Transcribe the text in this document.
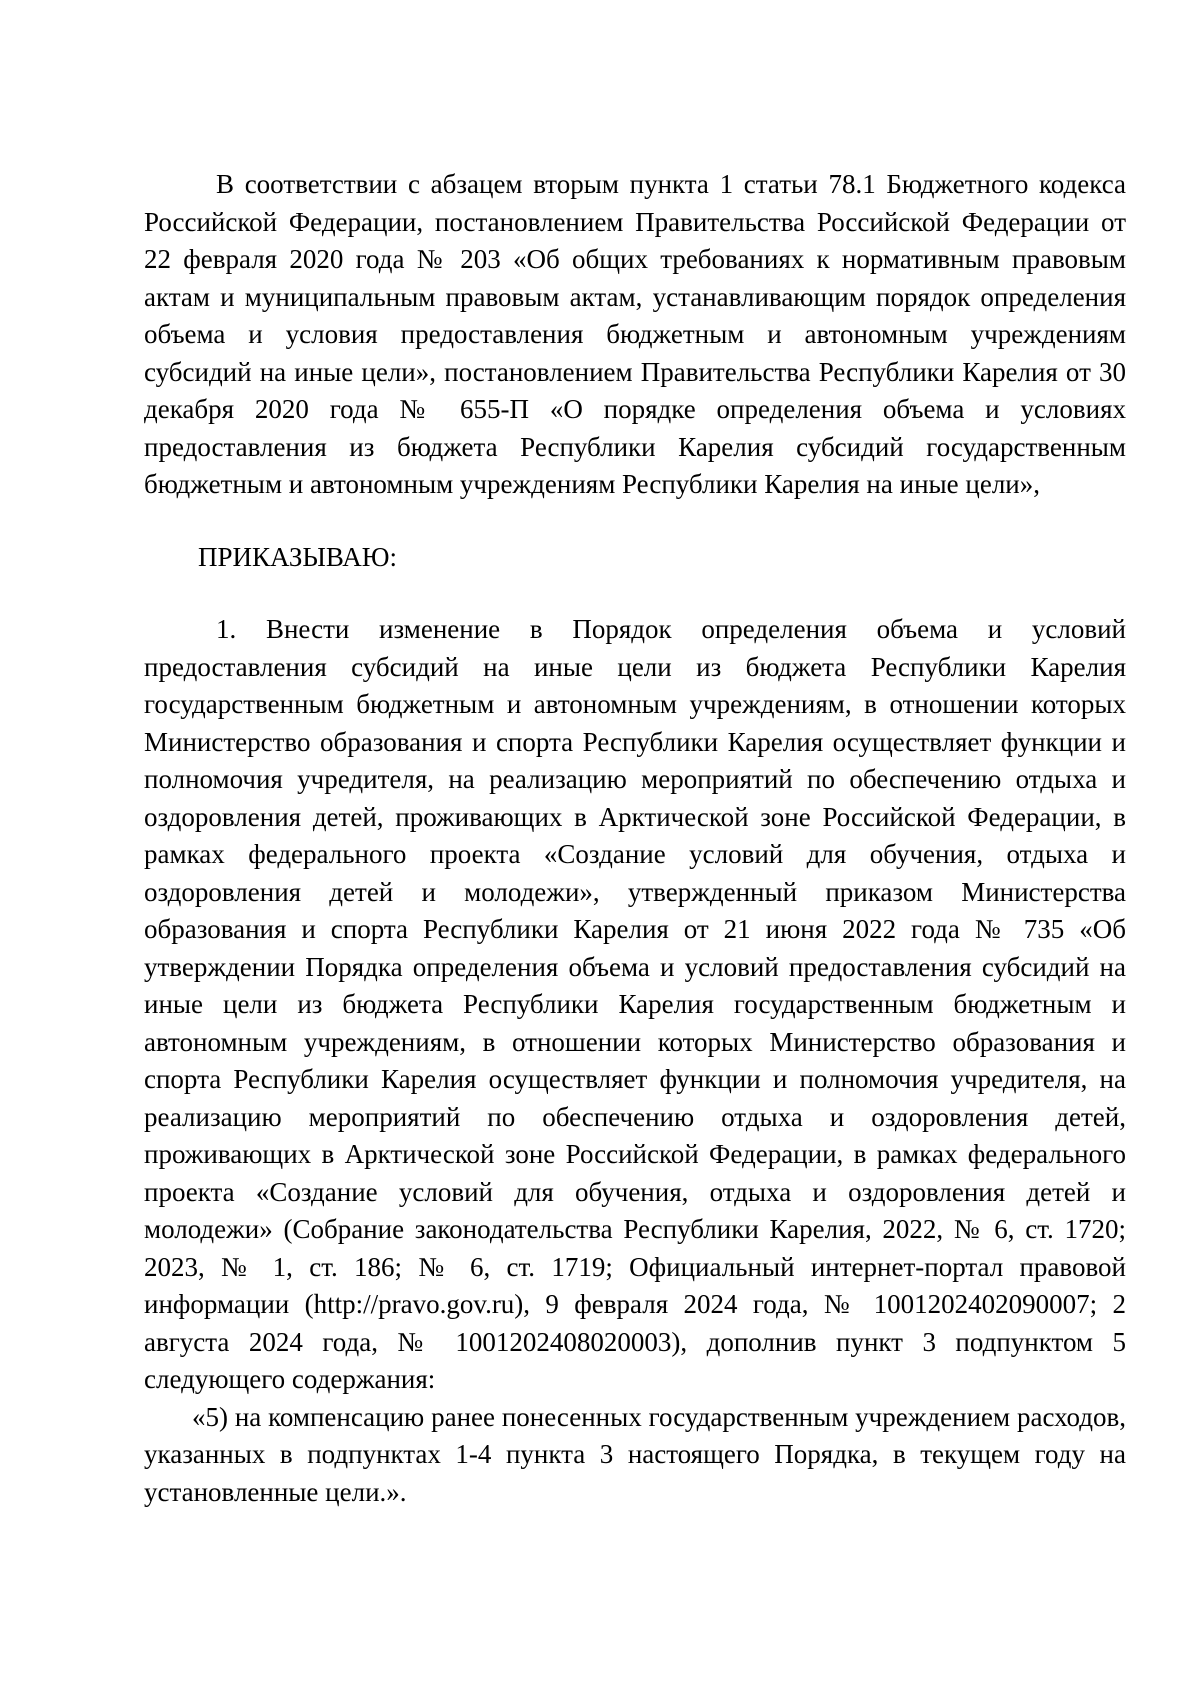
В соответствии с абзацем вторым пункта 1 статьи 78.1 Бюджетного кодекса Российской Федерации, постановлением Правительства Российской Федерации от 22 февраля 2020 года № 203 «Об общих требованиях к нормативным правовым актам и муниципальным правовым актам, устанавливающим порядок определения объема и условия предоставления бюджетным и автономным учреждениям субсидий на иные цели», постановлением Правительства Республики Карелия от 30 декабря 2020 года № 655-П «О порядке определения объема и условиях предоставления из бюджета Республики Карелия субсидий государственным бюджетным и автономным учреждениям Республики Карелия на иные цели»,

ПРИКАЗЫВАЮ:

1. Внести изменение в Порядок определения объема и условий предоставления субсидий на иные цели из бюджета Республики Карелия государственным бюджетным и автономным учреждениям, в отношении которых Министерство образования и спорта Республики Карелия осуществляет функции и полномочия учредителя, на реализацию мероприятий по обеспечению отдыха и оздоровления детей, проживающих в Арктической зоне Российской Федерации, в рамках федерального проекта «Создание условий для обучения, отдыха и оздоровления детей и молодежи», утвержденный приказом Министерства образования и спорта Республики Карелия от 21 июня 2022 года № 735 «Об утверждении Порядка определения объема и условий предоставления субсидий на иные цели из бюджета Республики Карелия государственным бюджетным и автономным учреждениям, в отношении которых Министерство образования и спорта Республики Карелия осуществляет функции и полномочия учредителя, на реализацию мероприятий по обеспечению отдыха и оздоровления детей, проживающих в Арктической зоне Российской Федерации, в рамках федерального проекта «Создание условий для обучения, отдыха и оздоровления детей и молодежи» (Собрание законодательства Республики Карелия, 2022, № 6, ст. 1720; 2023, № 1, ст. 186; № 6, ст. 1719; Официальный интернет-портал правовой информации (http://pravo.gov.ru), 9 февраля 2024 года, № 1001202402090007; 2 августа 2024 года, № 1001202408020003), дополнив пункт 3 подпунктом 5 следующего содержания:

«5) на компенсацию ранее понесенных государственным учреждением расходов, указанных в подпунктах 1-4 пункта 3 настоящего Порядка, в текущем году на установленные цели.».
